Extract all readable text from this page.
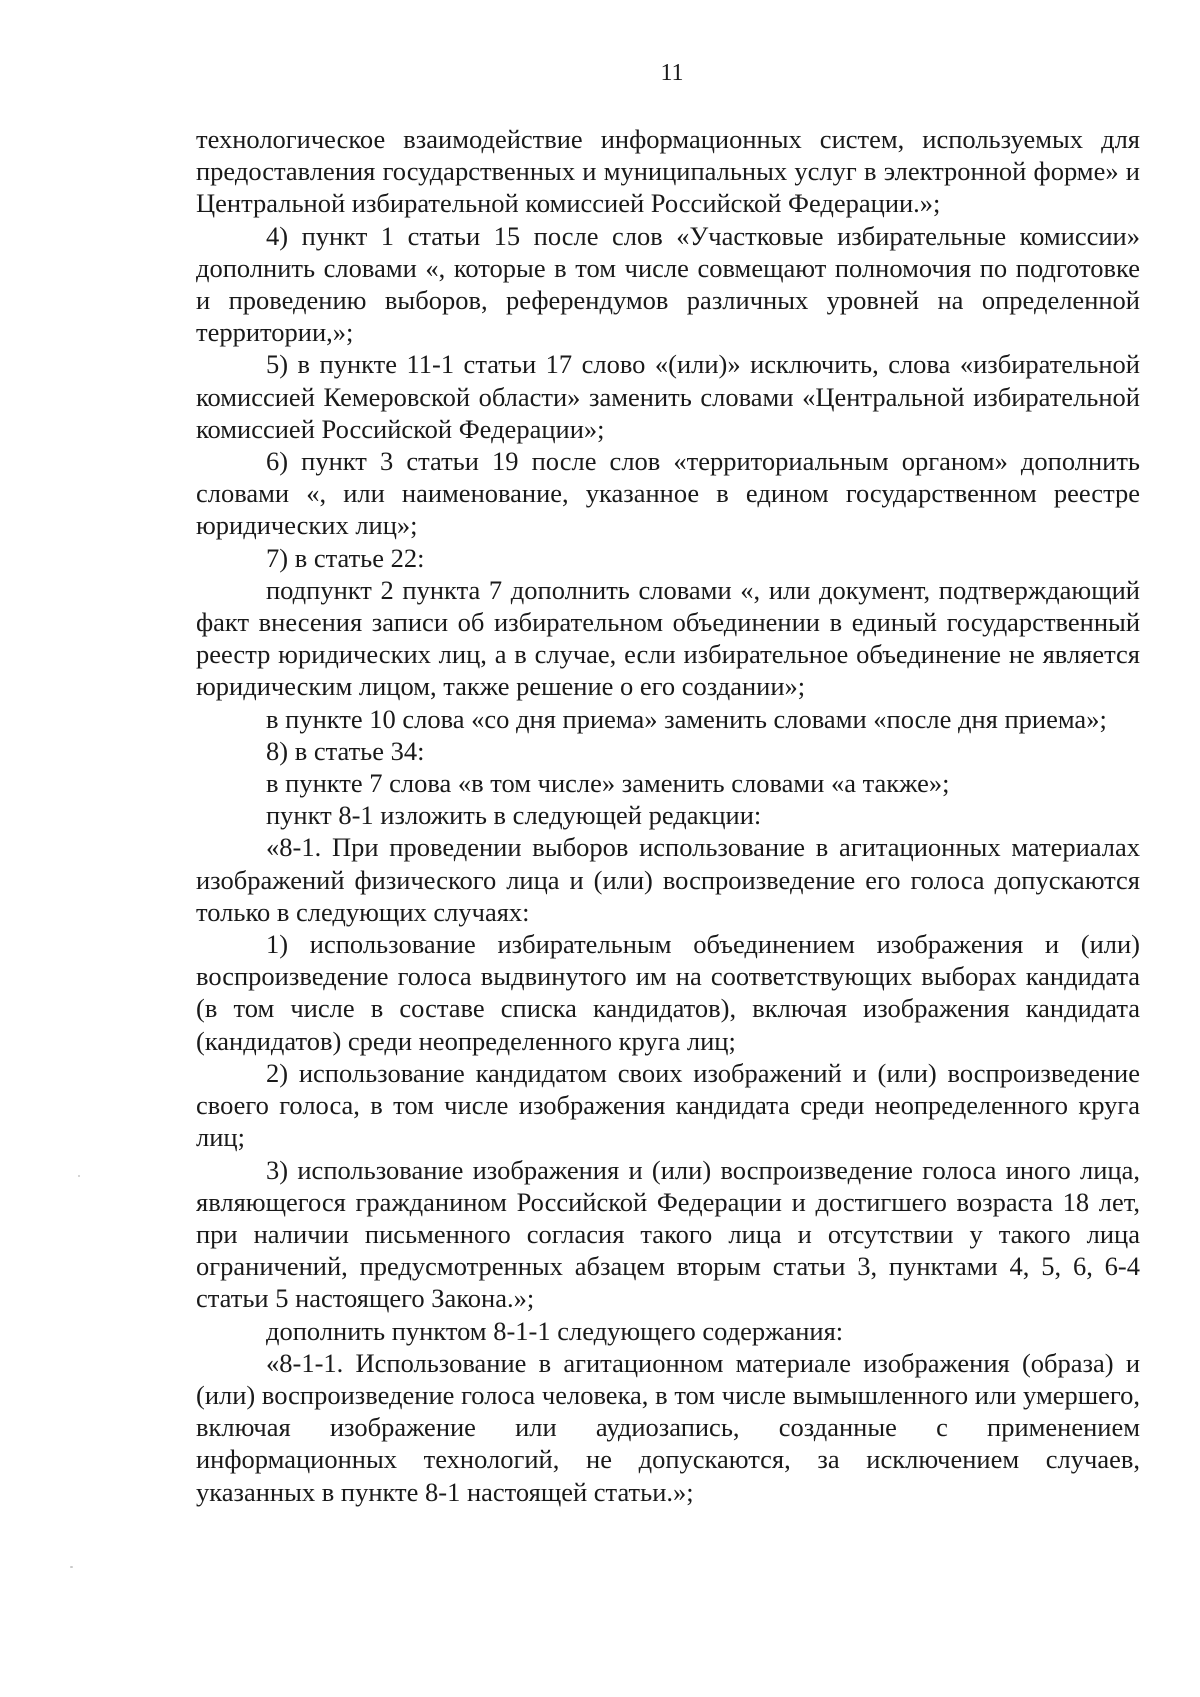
11

технологическое взаимодействие информационных систем, используемых для предоставления государственных и муниципальных услуг в электронной форме» и Центральной избирательной комиссией Российской Федерации.»;

4) пункт 1 статьи 15 после слов «Участковые избирательные комиссии» дополнить словами «, которые в том числе совмещают полномочия по подготовке и проведению выборов, референдумов различных уровней на определенной территории,»;

5) в пункте 11-1 статьи 17 слово «(или)» исключить, слова «избирательной комиссией Кемеровской области» заменить словами «Центральной избирательной комиссией Российской Федерации»;

6) пункт 3 статьи 19 после слов «территориальным органом» дополнить словами «, или наименование, указанное в едином государственном реестре юридических лиц»;

7) в статье 22:

подпункт 2 пункта 7 дополнить словами «, или документ, подтверждающий факт внесения записи об избирательном объединении в единый государственный реестр юридических лиц, а в случае, если избирательное объединение не является юридическим лицом, также решение о его создании»;

в пункте 10 слова «со дня приема» заменить словами «после дня приема»;

8) в статье 34:

в пункте 7 слова «в том числе» заменить словами «а также»;

пункт 8-1 изложить в следующей редакции:

«8-1. При проведении выборов использование в агитационных материалах изображений физического лица и (или) воспроизведение его голоса допускаются только в следующих случаях:

1) использование избирательным объединением изображения и (или) воспроизведение голоса выдвинутого им на соответствующих выборах кандидата (в том числе в составе списка кандидатов), включая изображения кандидата (кандидатов) среди неопределенного круга лиц;

2) использование кандидатом своих изображений и (или) воспроизведение своего голоса, в том числе изображения кандидата среди неопределенного круга лиц;

3) использование изображения и (или) воспроизведение голоса иного лица, являющегося гражданином Российской Федерации и достигшего возраста 18 лет, при наличии письменного согласия такого лица и отсутствии у такого лица ограничений, предусмотренных абзацем вторым статьи 3, пунктами 4, 5, 6, 6-4 статьи 5 настоящего Закона.»;

дополнить пунктом 8-1-1 следующего содержания:

«8-1-1. Использование в агитационном материале изображения (образа) и (или) воспроизведение голоса человека, в том числе вымышленного или умершего, включая изображение или аудиозапись, созданные с применением информационных технологий, не допускаются, за исключением случаев, указанных в пункте 8-1 настоящей статьи.»;
